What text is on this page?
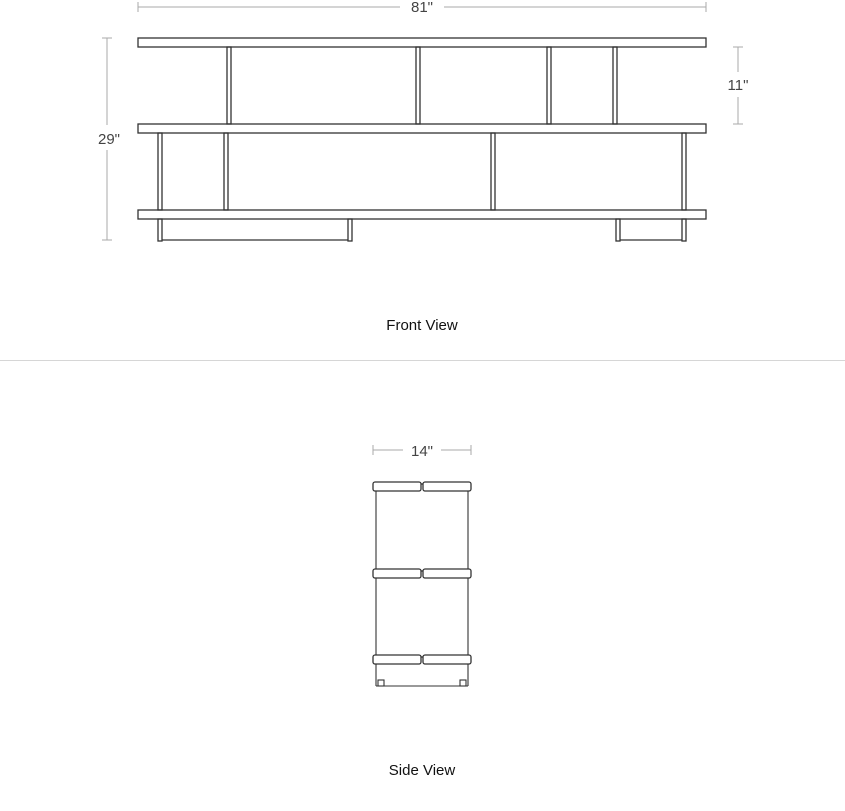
81"
29"
11"
14"
Front View
Side View
